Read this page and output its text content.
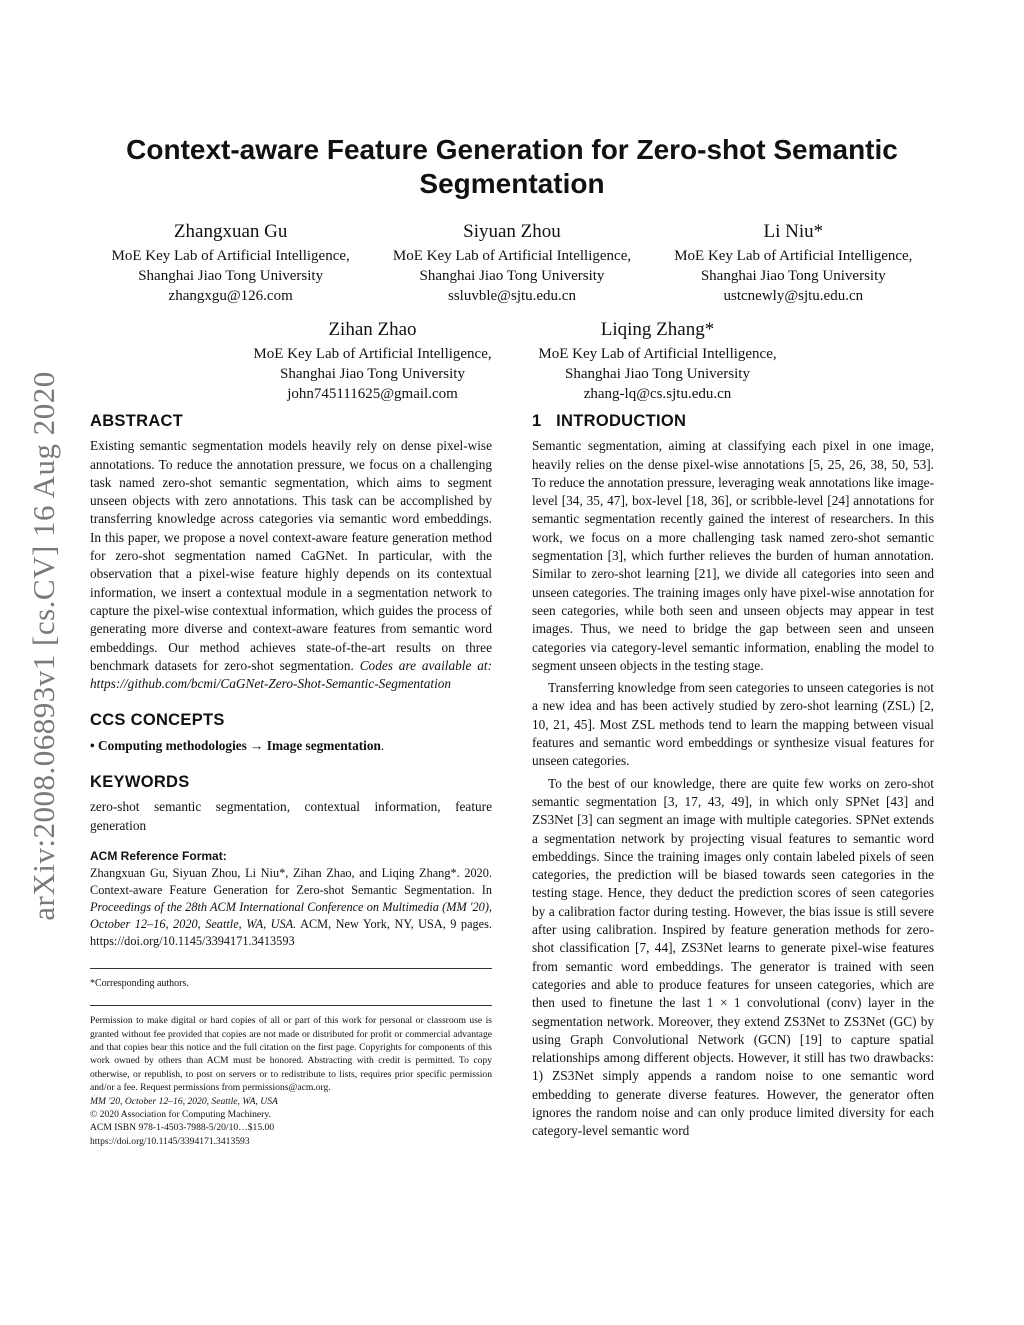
arXiv:2008.06893v1 [cs.CV] 16 Aug 2020
Context-aware Feature Generation for Zero-shot Semantic Segmentation
Zhangxuan Gu
MoE Key Lab of Artificial Intelligence,
Shanghai Jiao Tong University
zhangxgu@126.com
Siyuan Zhou
MoE Key Lab of Artificial Intelligence,
Shanghai Jiao Tong University
ssluvble@sjtu.edu.cn
Li Niu*
MoE Key Lab of Artificial Intelligence,
Shanghai Jiao Tong University
ustcnewly@sjtu.edu.cn
Zihan Zhao
MoE Key Lab of Artificial Intelligence,
Shanghai Jiao Tong University
john745111625@gmail.com
Liqing Zhang*
MoE Key Lab of Artificial Intelligence,
Shanghai Jiao Tong University
zhang-lq@cs.sjtu.edu.cn
ABSTRACT

Existing semantic segmentation models heavily rely on dense pixel-wise annotations. To reduce the annotation pressure, we focus on a challenging task named zero-shot semantic segmentation, which aims to segment unseen objects with zero annotations. This task can be accomplished by transferring knowledge across categories via semantic word embeddings. In this paper, we propose a novel context-aware feature generation method for zero-shot segmentation named CaGNet. In particular, with the observation that a pixel-wise feature highly depends on its contextual information, we insert a contextual module in a segmentation network to capture the pixel-wise contextual information, which guides the process of generating more diverse and context-aware features from semantic word embeddings. Our method achieves state-of-the-art results on three benchmark datasets for zero-shot segmentation. Codes are available at: https://github.com/bcmi/CaGNet-Zero-Shot-Semantic-Segmentation

CCS CONCEPTS

• Computing methodologies → Image segmentation.

KEYWORDS

zero-shot semantic segmentation, contextual information, feature generation

ACM Reference Format:

Zhangxuan Gu, Siyuan Zhou, Li Niu*, Zihan Zhao, and Liqing Zhang*. 2020. Context-aware Feature Generation for Zero-shot Semantic Segmentation. In Proceedings of the 28th ACM International Conference on Multimedia (MM '20), October 12–16, 2020, Seattle, WA, USA. ACM, New York, NY, USA, 9 pages. https://doi.org/10.1145/3394171.3413593

*Corresponding authors.

Permission to make digital or hard copies of all or part of this work for personal or classroom use is granted without fee provided that copies are not made or distributed for profit or commercial advantage and that copies bear this notice and the full citation on the first page. Copyrights for components of this work owned by others than ACM must be honored. Abstracting with credit is permitted. To copy otherwise, or republish, to post on servers or to redistribute to lists, requires prior specific permission and/or a fee. Request permissions from permissions@acm.org.

MM '20, October 12–16, 2020, Seattle, WA, USA
© 2020 Association for Computing Machinery.
ACM ISBN 978-1-4503-7988-5/20/10…$15.00
https://doi.org/10.1145/3394171.3413593
1   INTRODUCTION

Semantic segmentation, aiming at classifying each pixel in one image, heavily relies on the dense pixel-wise annotations [5, 25, 26, 38, 50, 53]. To reduce the annotation pressure, leveraging weak annotations like image-level [34, 35, 47], box-level [18, 36], or scribble-level [24] annotations for semantic segmentation recently gained the interest of researchers. In this work, we focus on a more challenging task named zero-shot semantic segmentation [3], which further relieves the burden of human annotation. Similar to zero-shot learning [21], we divide all categories into seen and unseen categories. The training images only have pixel-wise annotation for seen categories, while both seen and unseen objects may appear in test images. Thus, we need to bridge the gap between seen and unseen categories via category-level semantic information, enabling the model to segment unseen objects in the testing stage.

Transferring knowledge from seen categories to unseen categories is not a new idea and has been actively studied by zero-shot learning (ZSL) [2, 10, 21, 45]. Most ZSL methods tend to learn the mapping between visual features and semantic word embeddings or synthesize visual features for unseen categories.

To the best of our knowledge, there are quite few works on zero-shot semantic segmentation [3, 17, 43, 49], in which only SPNet [43] and ZS3Net [3] can segment an image with multiple categories. SPNet extends a segmentation network by projecting visual features to semantic word embeddings. Since the training images only contain labeled pixels of seen categories, the prediction will be biased towards seen categories in the testing stage. Hence, they deduct the prediction scores of seen categories by a calibration factor during testing. However, the bias issue is still severe after using calibration. Inspired by feature generation methods for zero-shot classification [7, 44], ZS3Net learns to generate pixel-wise features from semantic word embeddings. The generator is trained with seen categories and able to produce features for unseen categories, which are then used to finetune the last 1 × 1 convolutional (conv) layer in the segmentation network. Moreover, they extend ZS3Net to ZS3Net (GC) by using Graph Convolutional Network (GCN) [19] to capture spatial relationships among different objects. However, it still has two drawbacks: 1) ZS3Net simply appends a random noise to one semantic word embedding to generate diverse features. However, the generator often ignores the random noise and can only produce limited diversity for each category-level semantic word
